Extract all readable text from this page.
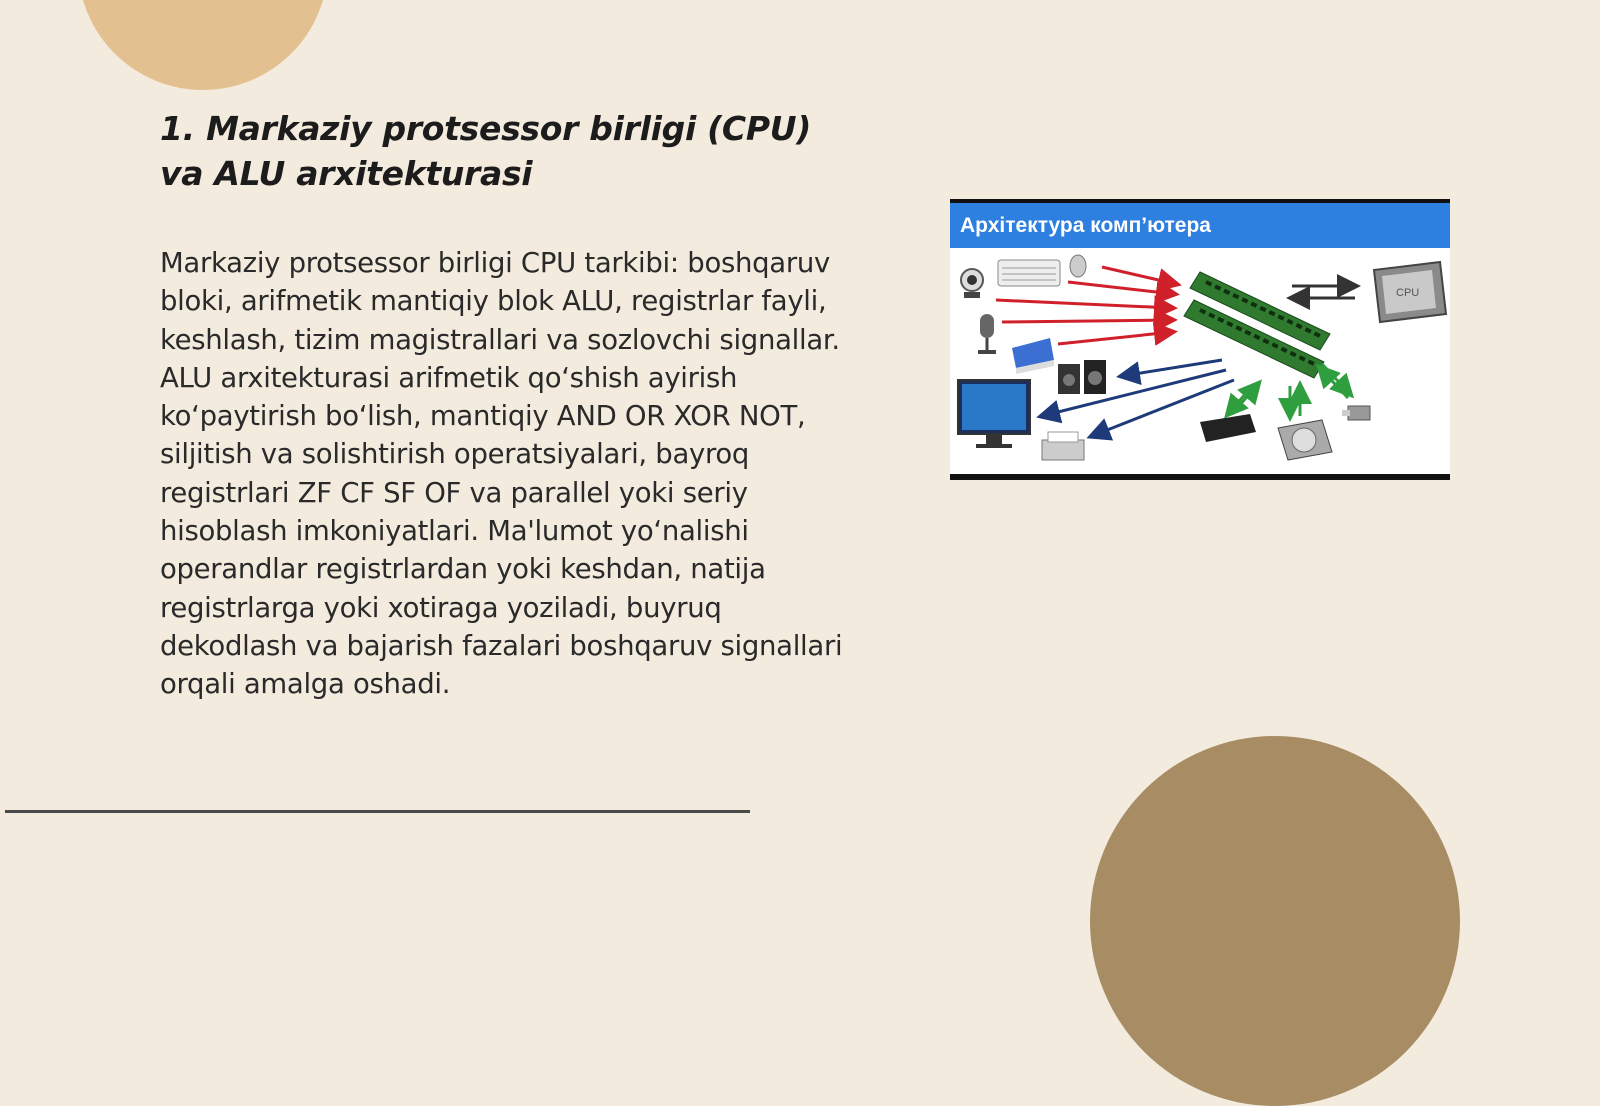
1. Markaziy protsessor birligi (CPU) va ALU arxitekturasi

Markaziy protsessor birligi CPU tarkibi: boshqaruv bloki, arifmetik mantiqiy blok ALU, registrlar fayli, keshlash, tizim magistrallari va sozlovchi signallar. ALU arxitekturasi arifmetik qo‘shish ayirish ko‘paytirish bo‘lish, mantiqiy AND OR XOR NOT, siljitish va solishtirish operatsiyalari, bayroq registrlari ZF CF SF OF va parallel yoki seriy hisoblash imkoniyatlari. Ma'lumot yo‘nalishi operandlar registrlardan yoki keshdan, natija registrlarga yoki xotiraga yoziladi, buyruq dekodlash va bajarish fazalari boshqaruv signallari orqali amalga oshadi.

Архітектура комп’ютера
CPU
